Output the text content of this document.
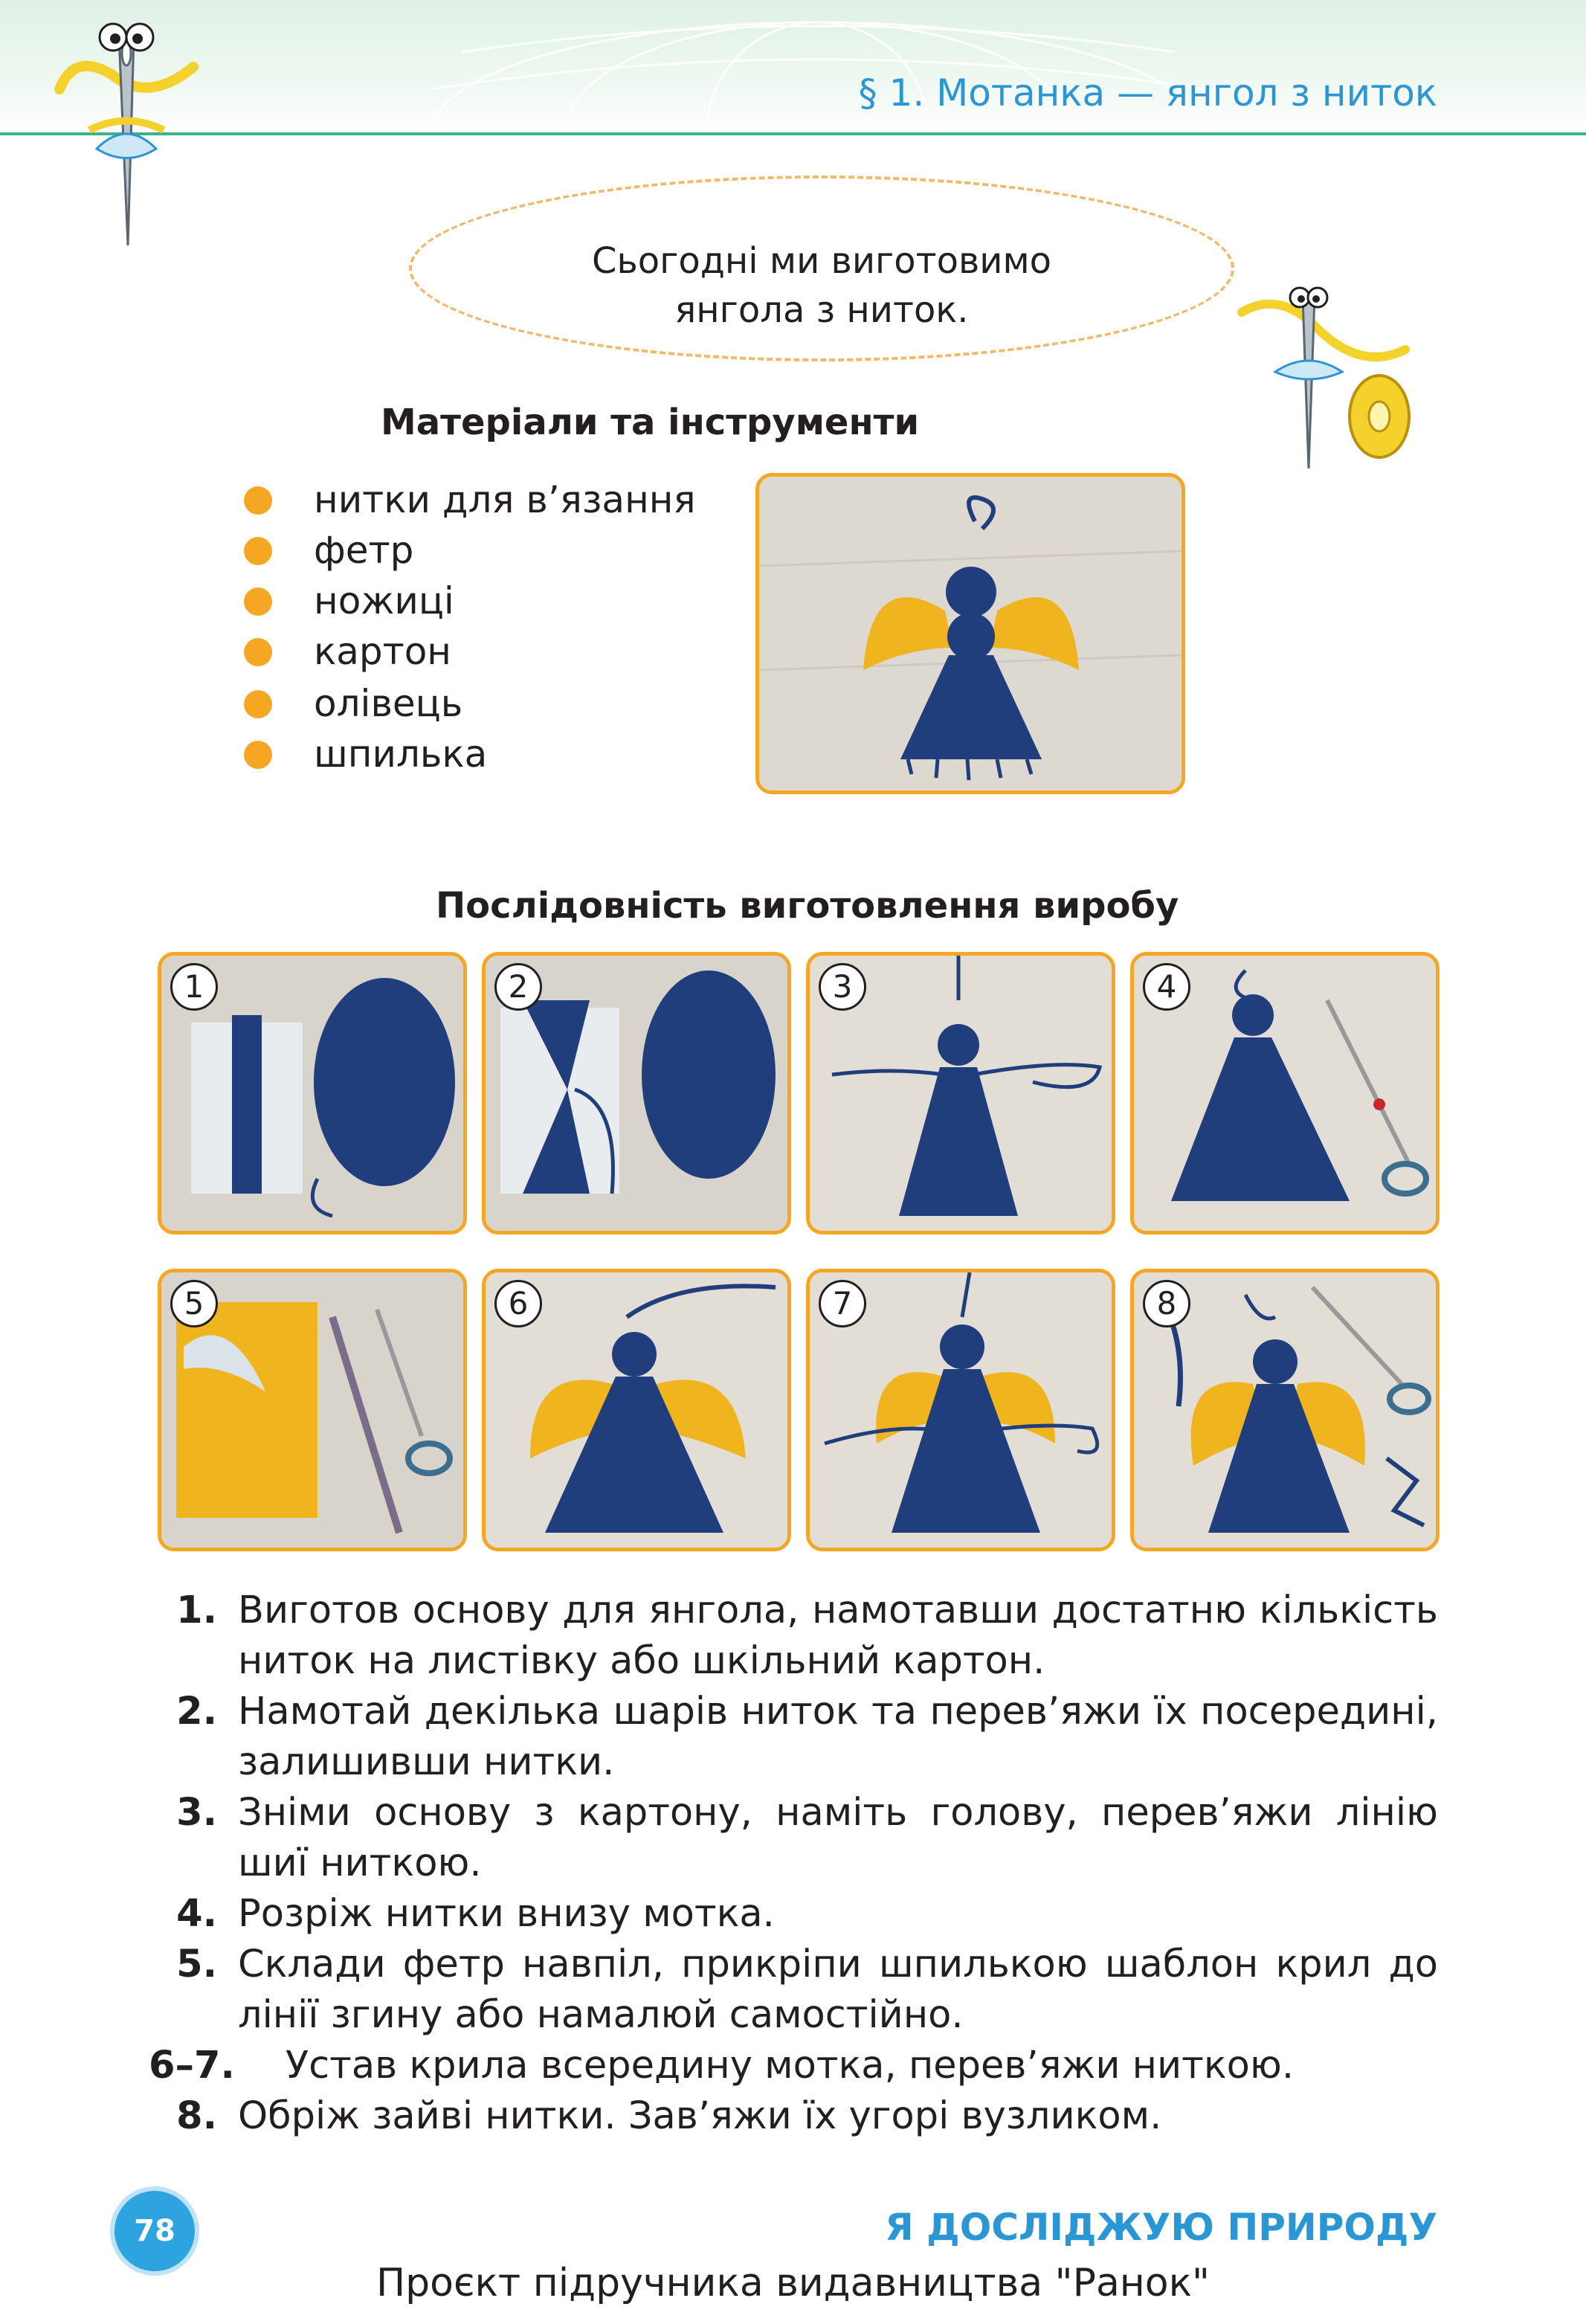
§ 1. Мотанка — янгол з ниток
Сьогодні ми виготовимо
янгола з ниток.
Матеріали та інструменти
нитки для в’язання
фетр
ножиці
картон
олівець
шпилька
Послідовність виготовлення виробу
1	2	3	4
5	6	7	8
1. Виготов основу для янгола, намотавши достатню кількість ниток на листівку або шкільний картон.
2. Намотай декілька шарів ниток та перев’яжи їх посередині, залишивши нитки.
3. Зніми основу з картону, наміть голову, перев’яжи лінію шиї ниткою.
4. Розріж нитки внизу мотка.
5. Склади фетр навпіл, прикріпи шпилькою шаблон крил до лінії згину або намалюй самостійно.
6–7.	Устав крила всередину мотка, перев’яжи ниткою.
8. Обріж зайві нитки. Зав’яжи їх угорі вузликом.
78	Я ДОСЛІДЖУЮ ПРИРОДУ
Проєкт підручника видавництва "Ранок"
